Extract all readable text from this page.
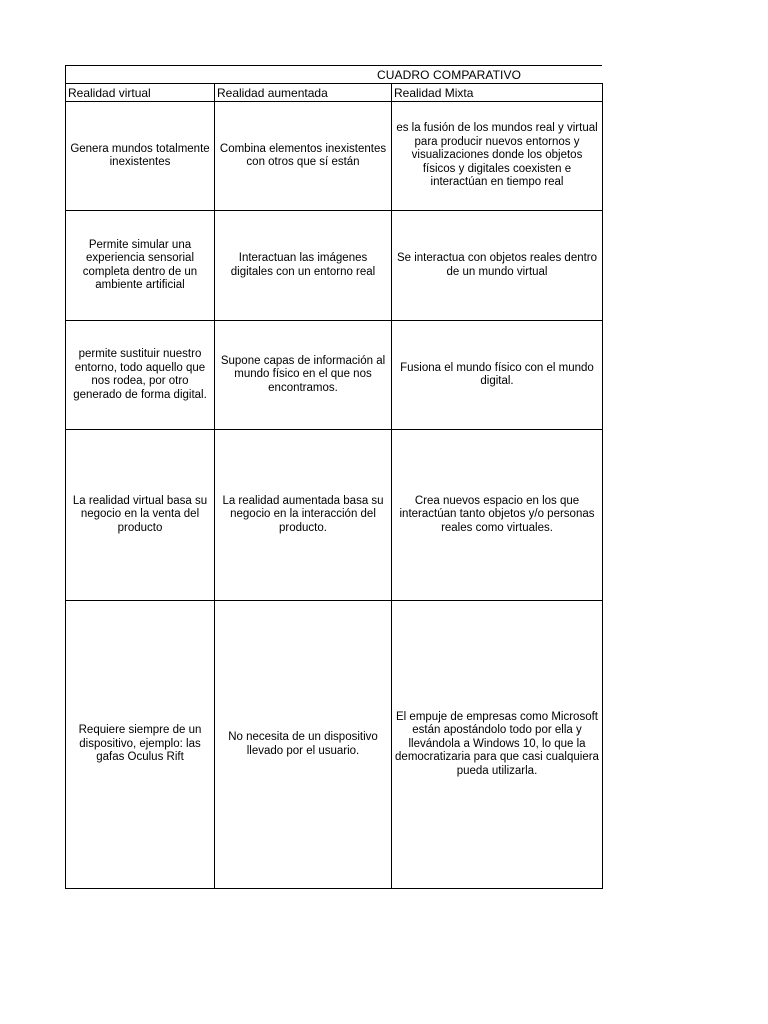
CUADRO COMPARATIVO
Realidad virtual	Realidad aumentada	Realidad Mixta
Genera mundos totalmente inexistentes	Combina elementos inexistentes con otros que sí están	es la fusión de los mundos real y virtual para producir nuevos entornos y visualizaciones donde los objetos físicos y digitales coexisten e interactúan en tiempo real
Permite simular una experiencia sensorial completa dentro de un ambiente artificial	Interactuan las imágenes digitales con un entorno real	Se interactua con objetos reales dentro de un mundo virtual
permite sustituir nuestro entorno, todo aquello que nos rodea, por otro generado de forma digital.	Supone capas de información al mundo físico en el que nos encontramos.	Fusiona el mundo físico con el mundo digital.
La realidad virtual basa su negocio en la venta del producto	La realidad aumentada basa su negocio en la interacción del producto.	Crea nuevos espacio en los que interactúan tanto objetos y/o personas reales como virtuales.
Requiere siempre de un dispositivo, ejemplo: las gafas Oculus Rift	No necesita de un dispositivo llevado por el usuario.	El empuje de empresas como Microsoft están apostándolo todo por ella y llevándola a Windows 10, lo que la democratizaria para que casi cualquiera pueda utilizarla.
